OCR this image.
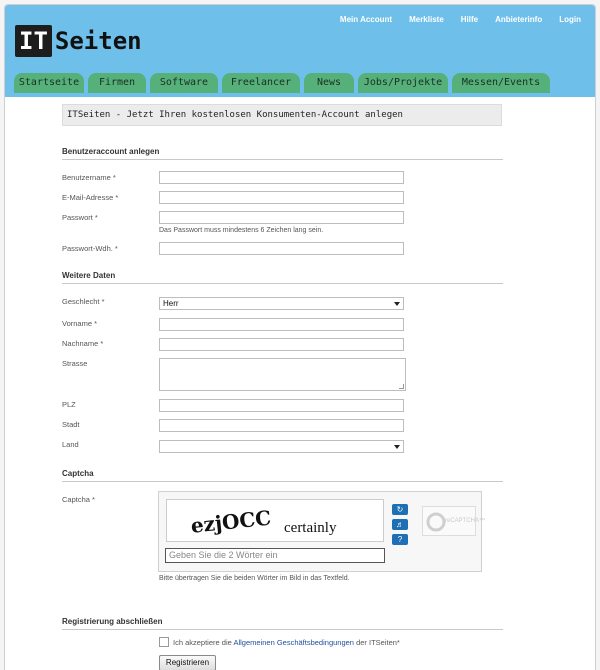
IT Seiten
Mein Account Merkliste Hilfe Anbieterinfo Login
Startseite	Firmen	Software	Freelancer	News	Jobs/Projekte	Messen/Events
ITSeiten - Jetzt Ihren kostenlosen Konsumenten-Account anlegen
Benutzeraccount anlegen
Benutzername *
E-Mail-Adresse *
Passwort *
Das Passwort muss mindestens 6 Zeichen lang sein.
Passwort-Wdh. *
Weitere Daten
Geschlecht *	Herr
Vorname *
Nachname *
Strasse
PLZ
Stadt
Land
Captcha
Captcha *
ezjOCC certainly
↻
♬
?
reCAPTCHA™
Geben Sie die 2 Wörter ein
Bitte übertragen Sie die beiden Wörter im Bild in das Textfeld.
Registrierung abschließen
Ich akzeptiere die Allgemeinen Geschäftsbedingungen der ITSeiten*
Registrieren
